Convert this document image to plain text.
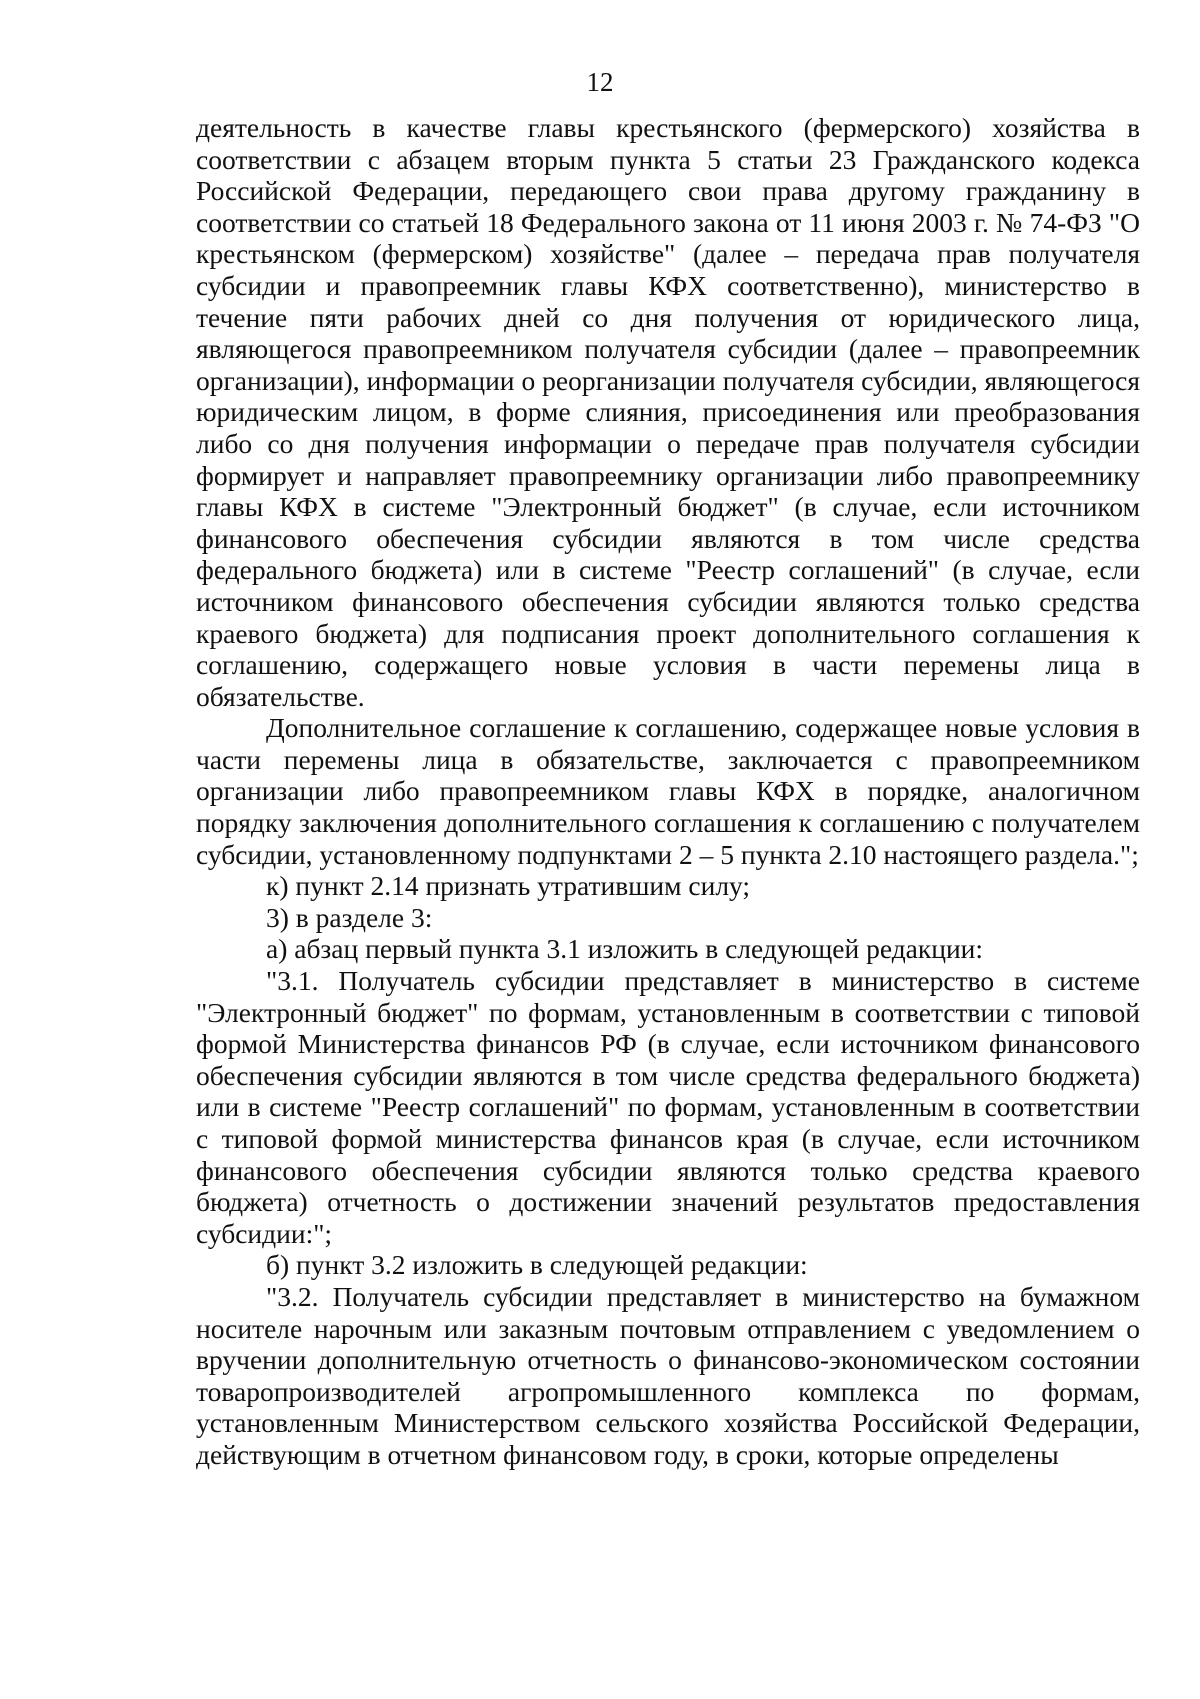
12

деятельность в качестве главы крестьянского (фермерского) хозяйства в соответствии с абзацем вторым пункта 5 статьи 23 Гражданского кодекса Российской Федерации, передающего свои права другому гражданину в соответствии со статьей 18 Федерального закона от 11 июня 2003 г. № 74-ФЗ "О крестьянском (фермерском) хозяйстве" (далее – передача прав получателя субсидии и правопреемник главы КФХ соответственно), министерство в течение пяти рабочих дней со дня получения от юридического лица, являющегося правопреемником получателя субсидии (далее – правопреемник организации), информации о реорганизации получателя субсидии, являющегося юридическим лицом, в форме слияния, присоединения или преобразования либо со дня получения информации о передаче прав получателя субсидии формирует и направляет правопреемнику организации либо правопреемнику главы КФХ в системе "Электронный бюджет" (в случае, если источником финансового обеспечения субсидии являются в том числе средства федерального бюджета) или в системе "Реестр соглашений" (в случае, если источником финансового обеспечения субсидии являются только средства краевого бюджета) для подписания проект дополнительного соглашения к соглашению, содержащего новые условия в части перемены лица в обязательстве.

Дополнительное соглашение к соглашению, содержащее новые условия в части перемены лица в обязательстве, заключается с правопреемником организации либо правопреемником главы КФХ в порядке, аналогичном порядку заключения дополнительного соглашения к соглашению с получателем субсидии, установленному подпунктами 2 – 5 пункта 2.10 настоящего раздела.";

к) пункт 2.14 признать утратившим силу;

3) в разделе 3:

а) абзац первый пункта 3.1 изложить в следующей редакции:

"3.1. Получатель субсидии представляет в министерство в системе "Электронный бюджет" по формам, установленным в соответствии с типовой формой Министерства финансов РФ (в случае, если источником финансового обеспечения субсидии являются в том числе средства федерального бюджета) или в системе "Реестр соглашений" по формам, установленным в соответствии с типовой формой министерства финансов края (в случае, если источником финансового обеспечения субсидии являются только средства краевого бюджета) отчетность о достижении значений результатов предоставления субсидии:";

б) пункт 3.2 изложить в следующей редакции:

"3.2. Получатель субсидии представляет в министерство на бумажном носителе нарочным или заказным почтовым отправлением с уведомлением о вручении дополнительную отчетность о финансово-экономическом состоянии товаропроизводителей агропромышленного комплекса по формам, установленным Министерством сельского хозяйства Российской Федерации, действующим в отчетном финансовом году, в сроки, которые определены
